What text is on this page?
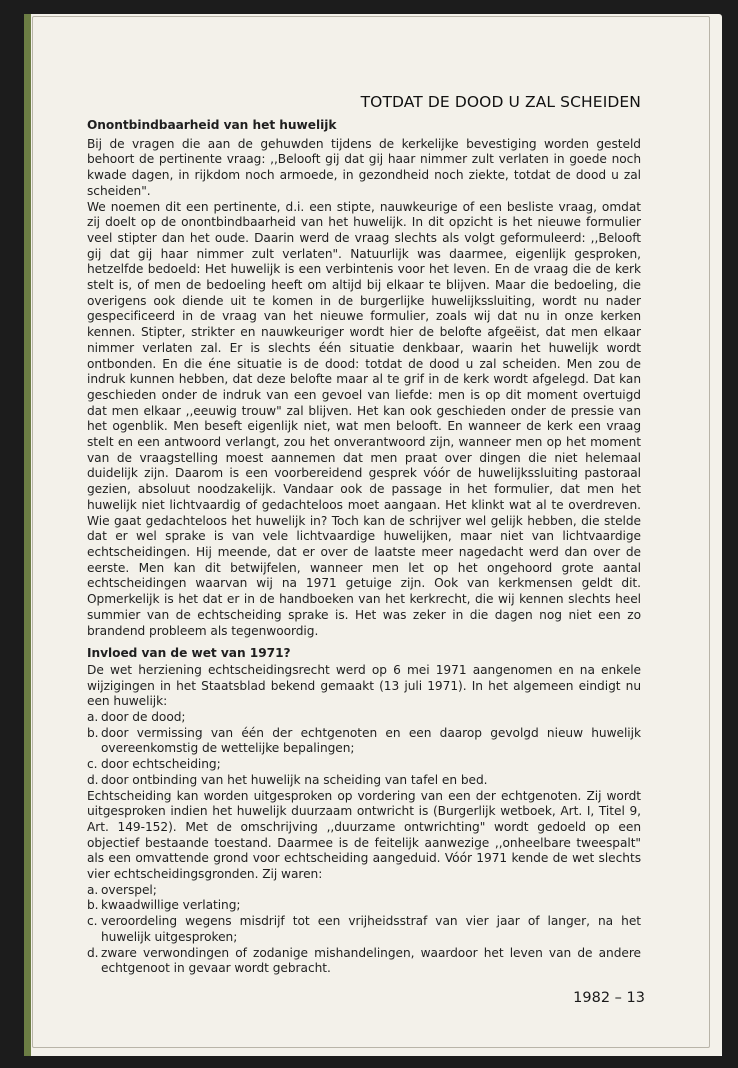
TOTDAT DE DOOD U ZAL SCHEIDEN
Onontbindbaarheid van het huwelijk

Bij de vragen die aan de gehuwden tijdens de kerkelijke bevestiging worden gesteld behoort de pertinente vraag: ,,Belooft gij dat gij haar nimmer zult verlaten in goede noch kwade dagen, in rijkdom noch armoede, in gezondheid noch ziekte, totdat de dood u zal scheiden".

We noemen dit een pertinente, d.i. een stipte, nauwkeurige of een besliste vraag, omdat zij doelt op de onontbindbaarheid van het huwelijk. In dit opzicht is het nieuwe formulier veel stipter dan het oude. Daarin werd de vraag slechts als volgt geformuleerd: ,,Belooft gij dat gij haar nimmer zult verlaten". Natuurlijk was daarmee, eigenlijk gesproken, hetzelfde bedoeld: Het huwelijk is een verbintenis voor het leven. En de vraag die de kerk stelt is, of men de bedoeling heeft om altijd bij elkaar te blijven. Maar die bedoeling, die overigens ook diende uit te komen in de burgerlijke huwelijkssluiting, wordt nu nader gespecificeerd in de vraag van het nieuwe formulier, zoals wij dat nu in onze kerken kennen. Stipter, strikter en nauwkeuriger wordt hier de belofte afgeëist, dat men elkaar nimmer verlaten zal. Er is slechts één situatie denkbaar, waarin het huwelijk wordt ontbonden. En die éne situatie is de dood: totdat de dood u zal scheiden. Men zou de indruk kunnen hebben, dat deze belofte maar al te grif in de kerk wordt afgelegd. Dat kan geschieden onder de indruk van een gevoel van liefde: men is op dit moment overtuigd dat men elkaar ,,eeuwig trouw" zal blijven. Het kan ook geschieden onder de pressie van het ogenblik. Men beseft eigenlijk niet, wat men belooft. En wanneer de kerk een vraag stelt en een antwoord verlangt, zou het onverantwoord zijn, wanneer men op het moment van de vraagstelling moest aannemen dat men praat over dingen die niet helemaal duidelijk zijn. Daarom is een voorbereidend gesprek vóór de huwelijkssluiting pastoraal gezien, absoluut noodzakelijk. Vandaar ook de passage in het formulier, dat men het huwelijk niet lichtvaardig of gedachteloos moet aangaan. Het klinkt wat al te overdreven. Wie gaat gedachteloos het huwelijk in? Toch kan de schrijver wel gelijk hebben, die stelde dat er wel sprake is van vele lichtvaardige huwelijken, maar niet van lichtvaardige echtscheidingen. Hij meende, dat er over de laatste meer nagedacht werd dan over de eerste. Men kan dit betwijfelen, wanneer men let op het ongehoord grote aantal echtscheidingen waarvan wij na 1971 getuige zijn. Ook van kerkmensen geldt dit. Opmerkelijk is het dat er in de handboeken van het kerkrecht, die wij kennen slechts heel summier van de echtscheiding sprake is. Het was zeker in die dagen nog niet een zo brandend probleem als tegenwoordig.

Invloed van de wet van 1971?

De wet herziening echtscheidingsrecht werd op 6 mei 1971 aangenomen en na enkele wijzigingen in het Staatsblad bekend gemaakt (13 juli 1971). In het algemeen eindigt nu een huwelijk:

a. door de dood;
b. door vermissing van één der echtgenoten en een daarop gevolgd nieuw huwelijk overeenkomstig de wettelijke bepalingen;
c. door echtscheiding;
d. door ontbinding van het huwelijk na scheiding van tafel en bed.

Echtscheiding kan worden uitgesproken op vordering van een der echtgenoten. Zij wordt uitgesproken indien het huwelijk duurzaam ontwricht is (Burgerlijk wetboek, Art. I, Titel 9, Art. 149-152). Met de omschrijving ,,duurzame ontwrichting" wordt gedoeld op een objectief bestaande toestand. Daarmee is de feitelijk aanwezige ,,onheelbare tweespalt" als een omvattende grond voor echtscheiding aangeduid. Vóór 1971 kende de wet slechts vier echtscheidingsgronden. Zij waren:

a. overspel;
b. kwaadwillige verlating;
c. veroordeling wegens misdrijf tot een vrijheidsstraf van vier jaar of langer, na het huwelijk uitgesproken;
d. zware verwondingen of zodanige mishandelingen, waardoor het leven van de andere echtgenoot in gevaar wordt gebracht.
1982 – 13
